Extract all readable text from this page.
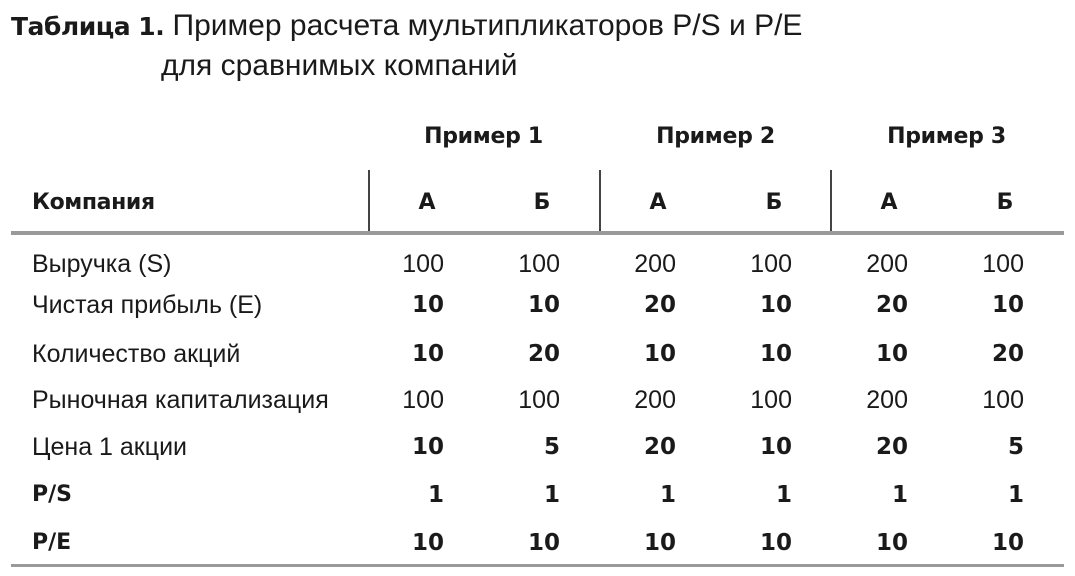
Таблица 1. Пример расчета мультипликаторов P/S и P/E
для сравнимых компаний
Пример 1	Пример 2	Пример 3
Компания	А	Б	А	Б	А	Б
Выручка (S)	100	100	200	100	200	100
Чистая прибыль (E)	10	10	20	10	20	10
Количество акций	10	20	10	10	10	20
Рыночная капитализация	100	100	200	100	200	100
Цена 1 акции	10	5	20	10	20	5
P/S	1	1	1	1	1	1
P/E	10	10	10	10	10	10
